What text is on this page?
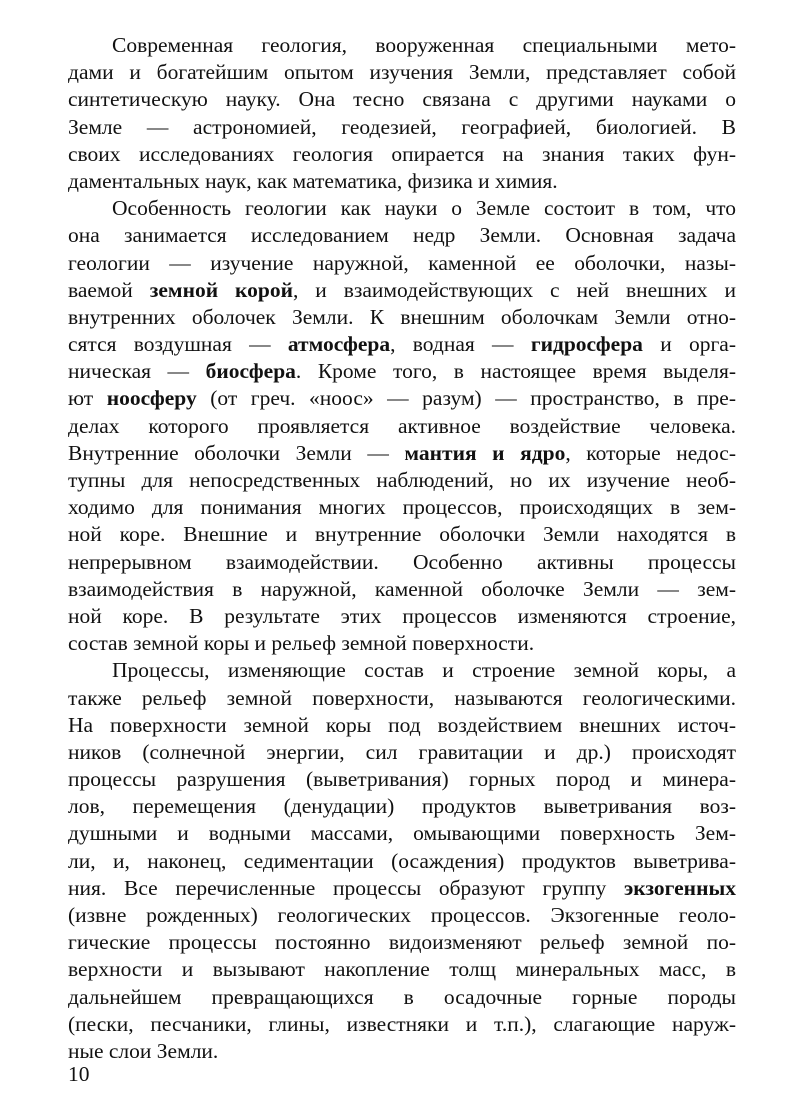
Современная геология, вооруженная специальными мето-
дами и богатейшим опытом изучения Земли, представляет собой
синтетическую науку. Она тесно связана с другими науками о
Земле — астрономией, геодезией, географией, биологией. В
своих исследованиях геология опирается на знания таких фун-
даментальных наук, как математика, физика и химия.
Особенность геологии как науки о Земле состоит в том, что
она занимается исследованием недр Земли. Основная задача
геологии — изучение наружной, каменной ее оболочки, назы-
ваемой земной корой, и взаимодействующих с ней внешних и
внутренних оболочек Земли. К внешним оболочкам Земли отно-
сятся воздушная — атмосфера, водная — гидросфера и орга-
ническая — биосфера. Кроме того, в настоящее время выделя-
ют ноосферу (от греч. «ноос» — разум) — пространство, в пре-
делах которого проявляется активное воздействие человека.
Внутренние оболочки Земли — мантия и ядро, которые недос-
тупны для непосредственных наблюдений, но их изучение необ-
ходимо для понимания многих процессов, происходящих в зем-
ной коре. Внешние и внутренние оболочки Земли находятся в
непрерывном взаимодействии. Особенно активны процессы
взаимодействия в наружной, каменной оболочке Земли — зем-
ной коре. В результате этих процессов изменяются строение,
состав земной коры и рельеф земной поверхности.
Процессы, изменяющие состав и строение земной коры, а
также рельеф земной поверхности, называются геологическими.
На поверхности земной коры под воздействием внешних источ-
ников (солнечной энергии, сил гравитации и др.) происходят
процессы разрушения (выветривания) горных пород и минера-
лов, перемещения (денудации) продуктов выветривания воз-
душными и водными массами, омывающими поверхность Зем-
ли, и, наконец, седиментации (осаждения) продуктов выветрива-
ния. Все перечисленные процессы образуют группу экзогенных
(извне рожденных) геологических процессов. Экзогенные геоло-
гические процессы постоянно видоизменяют рельеф земной по-
верхности и вызывают накопление толщ минеральных масс, в
дальнейшем превращающихся в осадочные горные породы
(пески, песчаники, глины, известняки и т.п.), слагающие наруж-
ные слои Земли.
10
